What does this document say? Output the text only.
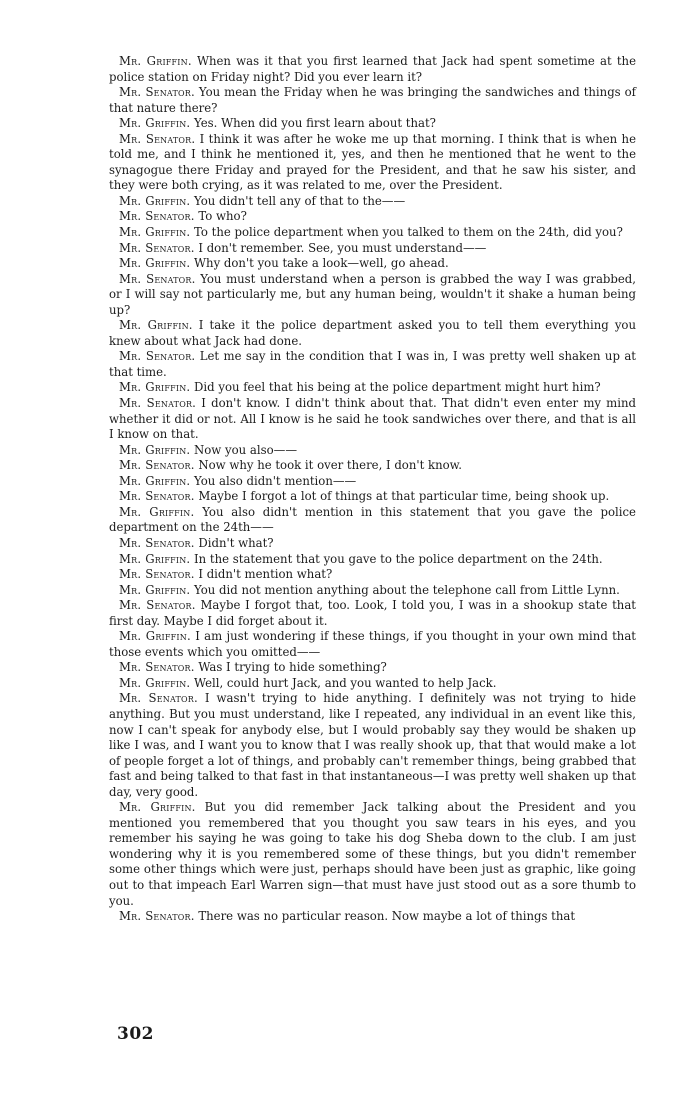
Mr. Griffin. When was it that you first learned that Jack had spent sometime at the police station on Friday night? Did you ever learn it?

Mr. Senator. You mean the Friday when he was bringing the sandwiches and things of that nature there?

Mr. Griffin. Yes. When did you first learn about that?

Mr. Senator. I think it was after he woke me up that morning. I think that is when he told me, and I think he mentioned it, yes, and then he mentioned that he went to the synagogue there Friday and prayed for the President, and that he saw his sister, and they were both crying, as it was related to me, over the President.

Mr. Griffin. You didn't tell any of that to the——

Mr. Senator. To who?

Mr. Griffin. To the police department when you talked to them on the 24th, did you?

Mr. Senator. I don't remember. See, you must understand——

Mr. Griffin. Why don't you take a look—well, go ahead.

Mr. Senator. You must understand when a person is grabbed the way I was grabbed, or I will say not particularly me, but any human being, wouldn't it shake a human being up?

Mr. Griffin. I take it the police department asked you to tell them everything you knew about what Jack had done.

Mr. Senator. Let me say in the condition that I was in, I was pretty well shaken up at that time.

Mr. Griffin. Did you feel that his being at the police department might hurt him?

Mr. Senator. I don't know. I didn't think about that. That didn't even enter my mind whether it did or not. All I know is he said he took sandwiches over there, and that is all I know on that.

Mr. Griffin. Now you also——

Mr. Senator. Now why he took it over there, I don't know.

Mr. Griffin. You also didn't mention——

Mr. Senator. Maybe I forgot a lot of things at that particular time, being shook up.

Mr. Griffin. You also didn't mention in this statement that you gave the police department on the 24th——

Mr. Senator. Didn't what?

Mr. Griffin. In the statement that you gave to the police department on the 24th.

Mr. Senator. I didn't mention what?

Mr. Griffin. You did not mention anything about the telephone call from Little Lynn.

Mr. Senator. Maybe I forgot that, too. Look, I told you, I was in a shookup state that first day. Maybe I did forget about it.

Mr. Griffin. I am just wondering if these things, if you thought in your own mind that those events which you omitted——

Mr. Senator. Was I trying to hide something?

Mr. Griffin. Well, could hurt Jack, and you wanted to help Jack.

Mr. Senator. I wasn't trying to hide anything. I definitely was not trying to hide anything. But you must understand, like I repeated, any individual in an event like this, now I can't speak for anybody else, but I would probably say they would be shaken up like I was, and I want you to know that I was really shook up, that that would make a lot of people forget a lot of things, and probably can't remember things, being grabbed that fast and being talked to that fast in that instantaneous—I was pretty well shaken up that day, very good.

Mr. Griffin. But you did remember Jack talking about the President and you mentioned you remembered that you thought you saw tears in his eyes, and you remember his saying he was going to take his dog Sheba down to the club. I am just wondering why it is you remembered some of these things, but you didn't remember some other things which were just, perhaps should have been just as graphic, like going out to that impeach Earl Warren sign—that must have just stood out as a sore thumb to you.

Mr. Senator. There was no particular reason. Now maybe a lot of things that

302
